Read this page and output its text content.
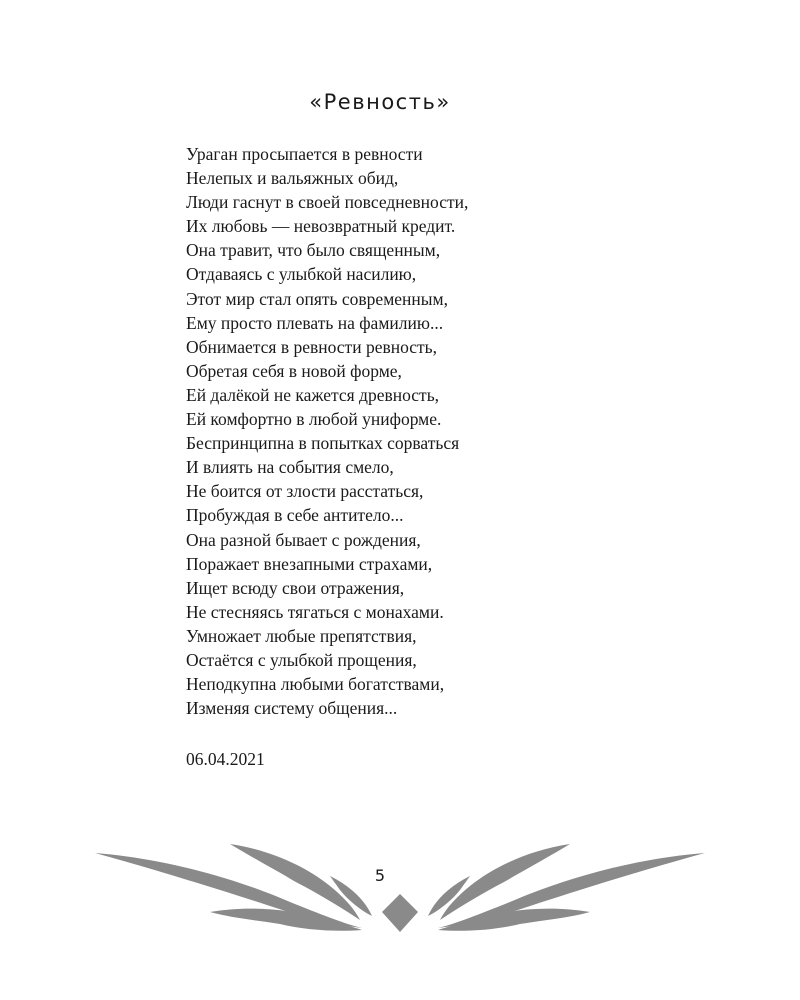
«Ревность»
Ураган просыпается в ревности
Нелепых и вальяжных обид,
Люди гаснут в своей повседневности,
Их любовь — невозвратный кредит.
Она травит, что было священным,
Отдаваясь с улыбкой насилию,
Этот мир стал опять современным,
Ему просто плевать на фамилию...
Обнимается в ревности ревность,
Обретая себя в новой форме,
Ей далёкой не кажется древность,
Ей комфортно в любой униформе.
Беспринципна в попытках сорваться
И влиять на события смело,
Не боится от злости расстаться,
Пробуждая в себе антитело...
Она разной бывает с рождения,
Поражает внезапными страхами,
Ищет всюду свои отражения,
Не стесняясь тягаться с монахами.
Умножает любые препятствия,
Остаётся с улыбкой прощения,
Неподкупна любыми богатствами,
Изменяя систему общения...
06.04.2021
5
